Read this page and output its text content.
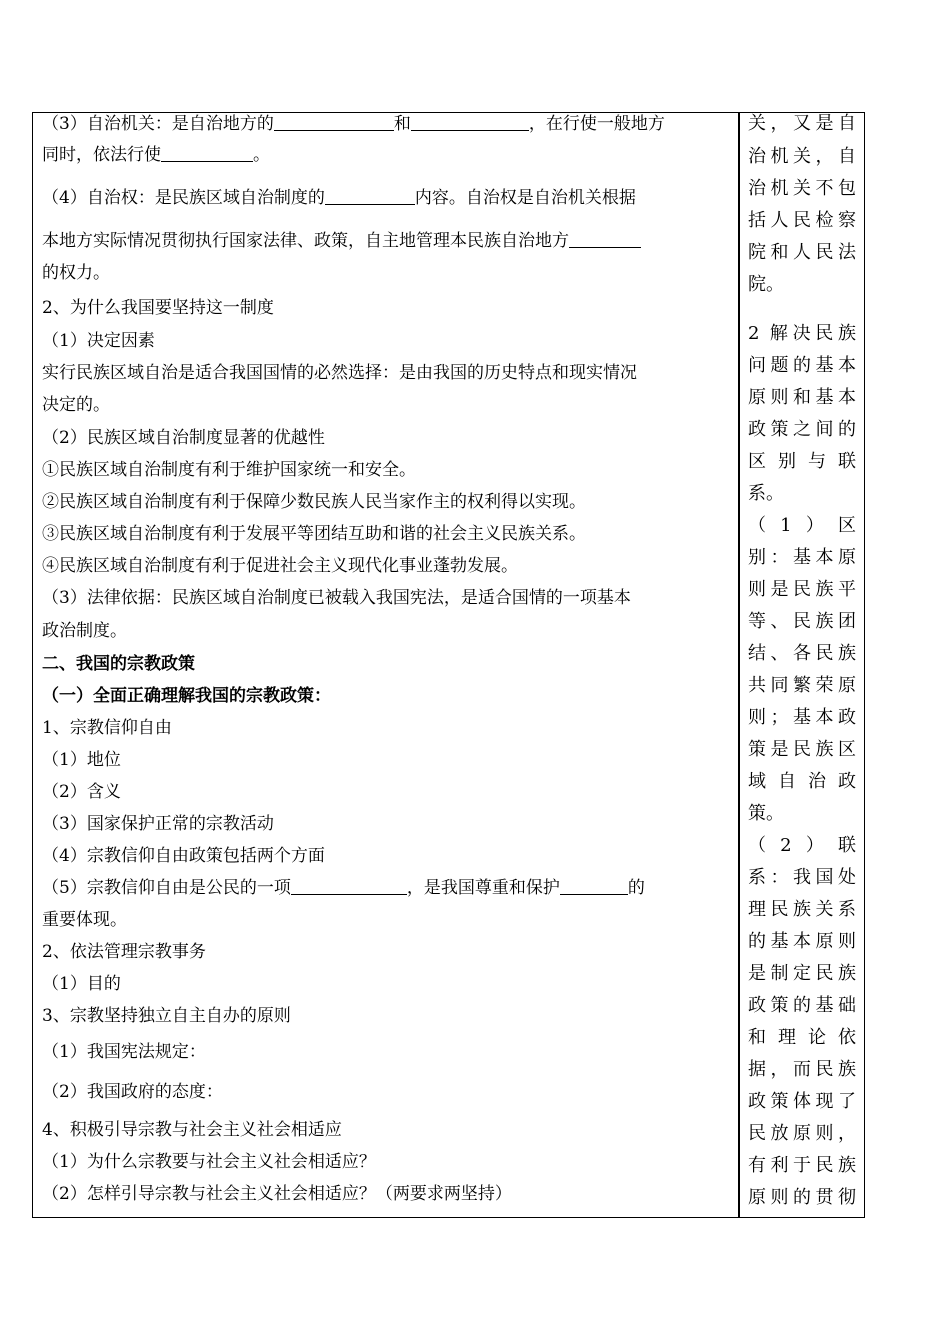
（3）自治机关：是自治地方的	和	，在行使一般地方
同时，依法行使	。
（4）自治权：是民族区域自治制度的	内容。自治权是自治机关根据
本地方实际情况贯彻执行国家法律、政策，自主地管理本民族自治地方
的权力。
2、为什么我国要坚持这一制度
（1）决定因素
实行民族区域自治是适合我国国情的必然选择：是由我国的历史特点和现实情况
决定的。
（2）民族区域自治制度显著的优越性
①民族区域自治制度有利于维护国家统一和安全。
②民族区域自治制度有利于保障少数民族人民当家作主的权利得以实现。
③民族区域自治制度有利于发展平等团结互助和谐的社会主义民族关系。
④民族区域自治制度有利于促进社会主义现代化事业蓬勃发展。
（3）法律依据：民族区域自治制度已被载入我国宪法，是适合国情的一项基本
政治制度。
二、我国的宗教政策
（一）全面正确理解我国的宗教政策：
1、宗教信仰自由
（1）地位
（2）含义
（3）国家保护正常的宗教活动
（4）宗教信仰自由政策包括两个方面
（5）宗教信仰自由是公民的一项	，是我国尊重和保护	的
重要体现。
2、依法管理宗教事务
（1）目的
3、宗教坚持独立自主自办的原则
（1）我国宪法规定：
（2）我国政府的态度：
4、积极引导宗教与社会主义社会相适应
（1）为什么宗教要与社会主义社会相适应？
（2）怎样引导宗教与社会主义社会相适应？（两要求两坚持）
关，又是自
治机关，自
治机关不包
括人民检察
院和人民法
院。
2 解决民族
问题的基本
原则和基本
政策之间的
区别与联
系。
（1）区
别：基本原
则是民族平
等、民族团
结、各民族
共同繁荣原
则；基本政
策是民族区
域自治政
策。
（2）联
系：我国处
理民族关系
的基本原则
是制定民族
政策的基础
和理论依
据，而民族
政策体现了
民放原则，
有利于民族
原则的贯彻
